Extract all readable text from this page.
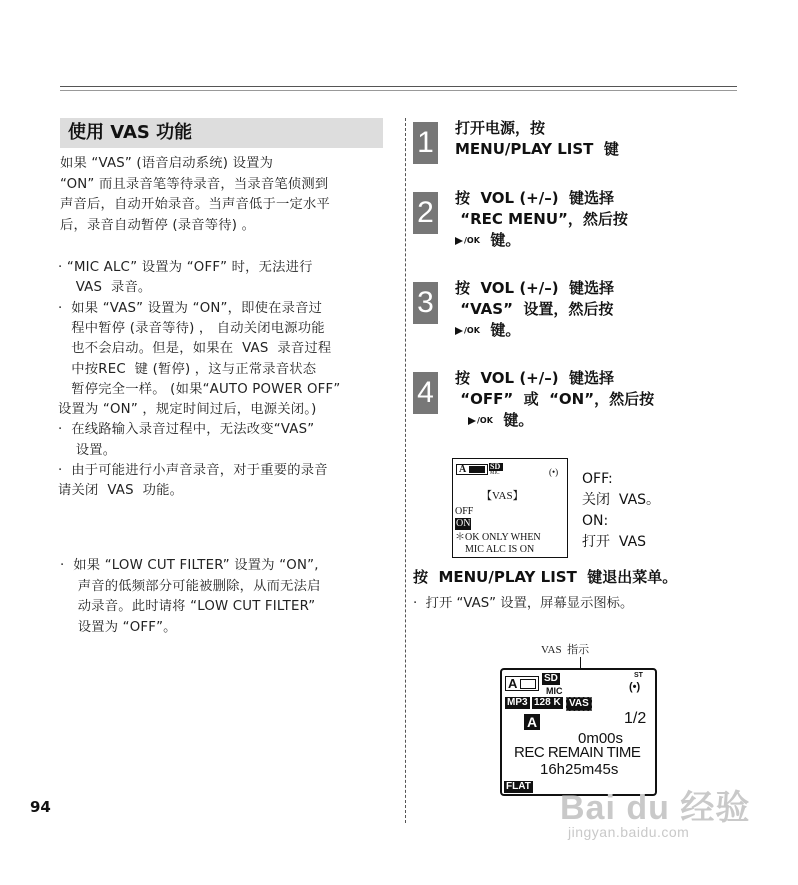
使用 VAS 功能
如果 “VAS” (语音启动系统) 设置为
“ON” 而且录音笔等待录音，当录音笔侦测到
声音后，自动开始录音。当声音低于一定水平
后，录音自动暂停 (录音等待) 。
· “MIC ALC” 设置为 “OFF” 时，无法进行
VAS  录音。
·  如果 “VAS” 设置为 “ON”，即使在录音过
程中暂停 (录音等待) ， 自动关闭电源功能
也不会启动。但是，如果在  VAS  录音过程
中按REC  键 (暂停) ，这与正常录音状态
暂停完全一样。 (如果“AUTO POWER OFF”
设置为 “ON” ，规定时间过后，电源关闭。)
·  在线路输入录音过程中，无法改变“VAS”
设置。
·  由于可能进行小声音录音，对于重要的录音
请关闭  VAS  功能。
·  如果 “LOW CUT FILTER” 设置为 “ON”,
声音的低频部分可能被删除，从而无法启
动录音。此时请将 “LOW CUT FILTER”
设置为 “OFF”。
1 打开电源，按
MENU/PLAY LIST  键
2 按  VOL (+/–)  键选择
“REC MENU”，然后按
/OK  键。
3 按  VOL (+/–)  键选择
“VAS”  设置，然后按
/OK  键。
4 按  VOL (+/–)  键选择
“OFF”  或  “ON”，然后按
/OK  键。
A	SD
MIC	(•)
【VAS】
OFF
ON
＊OK ONLY WHEN
MIC ALC IS ON
OFF:
关闭  VAS。
ON:
打开  VAS
按  MENU/PLAY LIST  键退出菜单。
·  打开 “VAS” 设置，屏幕显示图标。
VAS  指示
A	SD
MIC
ST
(•)
MP3 128 K VAS
A	1/2
0m00s
REC REMAIN TIME
16h25m45s
FLAT
94	Bai du 经验
jingyan.baidu.com
